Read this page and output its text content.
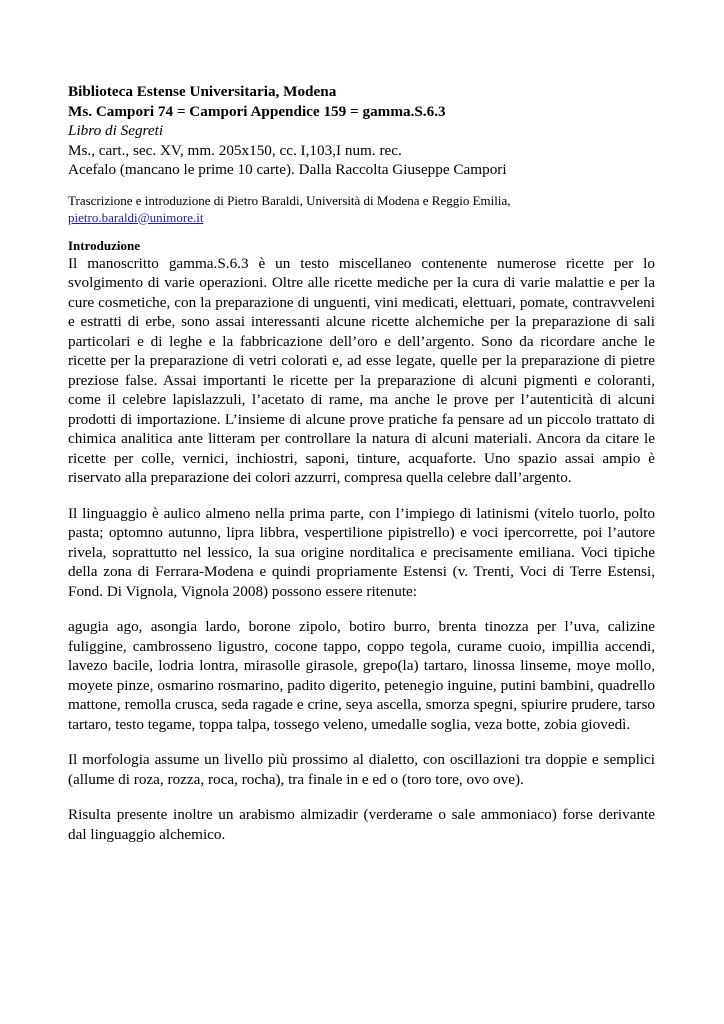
Biblioteca Estense Universitaria, Modena

Ms. Campori 74 = Campori Appendice 159 = gamma.S.6.3

Libro di Segreti

Ms., cart., sec. XV, mm. 205x150, cc. I,103,I num. rec.

Acefalo (mancano le prime 10 carte). Dalla Raccolta Giuseppe Campori

Trascrizione e introduzione di Pietro Baraldi, Università di Modena e Reggio Emilia,
pietro.baraldi@unimore.it
Introduzione

Il manoscritto gamma.S.6.3 è un testo miscellaneo contenente numerose ricette per lo svolgimento di varie operazioni. Oltre alle ricette mediche per la cura di varie malattie e per la cure cosmetiche, con la preparazione di unguenti, vini medicati, elettuari, pomate, contravveleni e estratti di erbe, sono assai interessanti alcune ricette alchemiche per la preparazione di sali particolari e di leghe e la fabbricazione dell’oro e dell’argento. Sono da ricordare anche le ricette per la preparazione di vetri colorati e, ad esse legate, quelle per la preparazione di pietre preziose false. Assai importanti le ricette per la preparazione di alcuni pigmenti e coloranti, come il celebre lapislazzuli, l’acetato di rame, ma anche le prove per l’autenticità di alcuni prodotti di importazione. L’insieme di alcune prove pratiche fa pensare ad un piccolo trattato di chimica analitica ante litteram per controllare la natura di alcuni materiali. Ancora da citare le ricette per colle, vernici, inchiostri, saponi, tinture, acquaforte. Uno spazio assai ampio è riservato alla preparazione dei colori azzurri, compresa quella celebre dall’argento.

Il linguaggio è aulico almeno nella prima parte, con l’impiego di latinismi (vitelo tuorlo, polto pasta; optomno autunno, lipra libbra, vespertilione pipistrello) e voci ipercorrette, poi l’autore rivela, soprattutto nel lessico, la sua origine norditalica e precisamente emiliana. Voci tipiche della zona di Ferrara-Modena e quindi propriamente Estensi (v. Trenti, Voci di Terre Estensi, Fond. Di Vignola, Vignola 2008) possono essere ritenute:

agugia ago, asongia lardo, borone zipolo, botiro burro, brenta tinozza per l’uva, calizine fuliggine, cambrosseno ligustro, cocone tappo, coppo tegola, curame cuoio, impillia accendi, lavezo bacile, lodria lontra, mirasolle girasole, grepo(la) tartaro, linossa linseme, moye mollo, moyete pinze, osmarino rosmarino, padito digerito, petenegio inguine, putini bambini, quadrello mattone, remolla crusca, seda ragade e crine, seya ascella, smorza spegni, spiurire prudere, tarso tartaro, testo tegame, toppa talpa, tossego veleno, umedalle soglia, veza botte, zobia giovedì.

Il morfologia assume un livello più prossimo al dialetto, con oscillazioni tra doppie e semplici (allume di roza, rozza, roca, rocha), tra finale in e ed o (toro tore, ovo ove).

Risulta presente inoltre un arabismo almizadir (verderame o sale ammoniaco) forse derivante dal linguaggio alchemico.
